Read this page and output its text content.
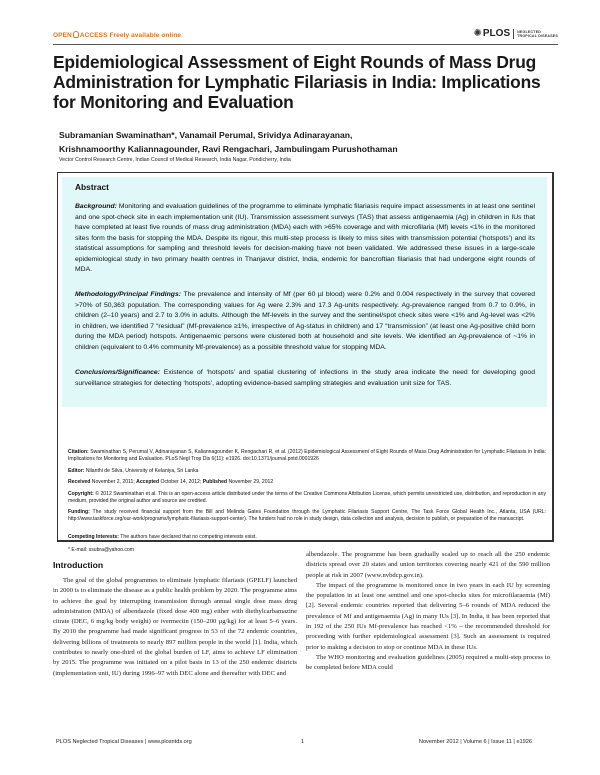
OPEN ACCESS Freely available online	✺ PLOS NEGLECTED
TROPICAL DISEASES
Epidemiological Assessment of Eight Rounds of Mass Drug Administration for Lymphatic Filariasis in India: Implications for Monitoring and Evaluation
Subramanian Swaminathan*, Vanamail Perumal, Srividya Adinarayanan,
Krishnamoorthy Kaliannagounder, Ravi Rengachari, Jambulingam Purushothaman
Vector Control Research Centre, Indian Council of Medical Research, India Nagar, Pondicherry, India
Abstract
Background: Monitoring and evaluation guidelines of the programme to eliminate lymphatic filariasis require impact assessments in at least one sentinel and one spot-check site in each implementation unit (IU). Transmission assessment surveys (TAS) that assess antigenaemia (Ag) in children in IUs that have completed at least five rounds of mass drug administration (MDA) each with >65% coverage and with microfilaria (Mf) levels <1% in the monitored sites form the basis for stopping the MDA. Despite its rigour, this multi-step process is likely to miss sites with transmission potential (‘hotspots’) and its statistical assumptions for sampling and threshold levels for decision-making have not been validated. We addressed these issues in a large-scale epidemiological study in two primary health centres in Thanjavur district, India, endemic for bancroftian filariasis that had undergone eight rounds of MDA.
Methodology/Principal Findings: The prevalence and intensity of Mf (per 60 µl blood) were 0.2% and 0.004 respectively in the survey that covered >70% of 50,363 population. The corresponding values for Ag were 2.3% and 17.3 Ag-units respectively. Ag-prevalence ranged from 0.7 to 0.9%, in children (2–10 years) and 2.7 to 3.0% in adults. Although the Mf-levels in the survey and the sentinel/spot check sites were <1% and Ag-level was <2% in children, we identified 7 “residual” (Mf-prevalence ≥1%, irrespective of Ag-status in children) and 17 “transmission” (at least one Ag-positive child born during the MDA period) hotspots. Antigenaemic persons were clustered both at household and site levels. We identified an Ag-prevalence of ~1% in children (equivalent to 0.4% community Mf-prevalence) as a possible threshold value for stopping MDA.
Conclusions/Significance: Existence of ‘hotspots’ and spatial clustering of infections in the study area indicate the need for developing good surveillance strategies for detecting ‘hotspots’, adopting evidence-based sampling strategies and evaluation unit size for TAS.
Citation: Swaminathan S, Perumal V, Adinarayanan S, Kaliannagounder K, Rengachari R, et al. (2012) Epidemiological Assessment of Eight Rounds of Mass Drug Administration for Lymphatic Filariasis in India: Implications for Monitoring and Evaluation. PLoS Negl Trop Dis 6(11): e1926. doi:10.1371/journal.pntd.0001926
Editor: Nilanthi de Silva, University of Kelaniya, Sri Lanka
Received November 2, 2011; Accepted October 14, 2012; Published November 29, 2012
Copyright: © 2012 Swaminathan et al. This is an open-access article distributed under the terms of the Creative Commons Attribution License, which permits unrestricted use, distribution, and reproduction in any medium, provided the original author and source are credited.
Funding: The study received financial support from the Bill and Melinda Gates Foundation through the Lymphatic Filariasis Support Centre, The Task Force Global Health Inc., Atlanta, USA (URL: http://www.taskforce.org/our-work/programs/lymphatic-filariasis-support-center). The funders had no role in study design, data collection and analysis, decision to publish, or preparation of the manuscript.
Competing Interests: The authors have declared that no competing interests exist.
* E-mail: ssubra@yahoo.com
Introduction

The goal of the global programmes to eliminate lymphatic filariasis (GPELF) launched in 2000 is to eliminate the disease as a public health problem by 2020. The programme aims to achieve the goal by interrupting transmission through annual single dose mass drug administration (MDA) of albendazole (fixed dose 400 mg) either with diethylcarbamazine citrate (DEC, 6 mg/kg body weight) or ivermectin (150–200 µg/kg) for at least 5–6 years. By 2010 the programme had made significant progress in 53 of the 72 endemic countries, delivering billions of treatments to nearly 897 million people in the world [1]. India, which contributes to nearly one-third of the global burden of LF, aims to achieve LF elimination by 2015. The programme was initiated on a pilot basis in 13 of the 250 endemic districts (implementation unit, IU) during 1996–97 with DEC alone and thereafter with DEC and

albendazole. The programme has been gradually scaled up to reach all the 250 endemic districts spread over 20 states and union territories covering nearly 421 of the 590 million people at risk in 2007 (www.nvbdcp.gov.in).

The impact of the programme is monitored once in two years in each IU by screening the population in at least one sentinel and one spot-checks sites for microfilaraemia (Mf) [2]. Several endemic countries reported that delivering 5–6 rounds of MDA reduced the prevalence of Mf and antigenaemia (Ag) in many IUs [3]. In India, it has been reported that in 192 of the 250 IUs Mf-prevalence has reached <1% – the recommended threshold for proceeding with further epidemiological assessment [3]. Such an assessment is required prior to making a decision to stop or continue MDA in these IUs.

The WHO monitoring and evaluation guidelines (2005) required a multi-step process to be completed before MDA could

PLOS Neglected Tropical Diseases | www.plosntds.org	1	November 2012 | Volume 6 | Issue 11 | e1926
